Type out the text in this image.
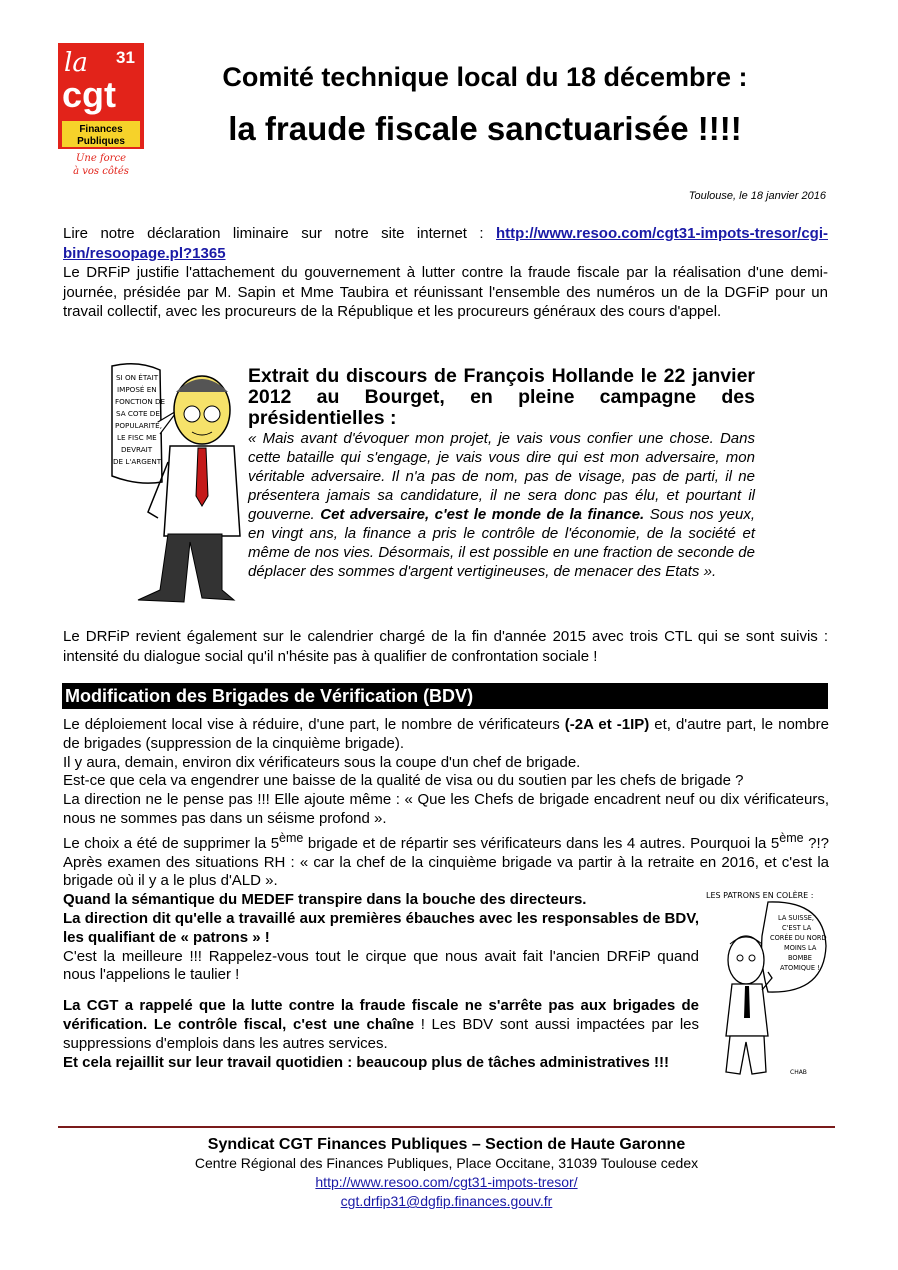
la 31
cgt
Finances
Publiques
Une force
à vos côtés
Comité technique local du 18 décembre :
la fraude fiscale sanctuarisée !!!!
Toulouse, le 18 janvier 2016

Lire notre déclaration liminaire sur notre site internet : http://www.resoo.com/cgt31-impots-tresor/cgi-bin/resoopage.pl?1365

Le DRFiP justifie l'attachement du gouvernement à lutter contre la fraude fiscale par la réalisation d'une demi-journée, présidée par M. Sapin et Mme Taubira et réunissant l'ensemble des numéros un de la DGFiP pour un travail collectif, avec les procureurs de la République et les procureurs généraux des cours d'appel.

SI ON ÉTAIT IMPOSÉ EN FONCTION DE SA COTE DE POPULARITÉ, LE FISC ME DEVRAIT DE L'ARGENT
Extrait du discours de François Hollande le 22 janvier 2012 au Bourget, en pleine campagne des présidentielles :
« Mais avant d'évoquer mon projet, je vais vous confier une chose. Dans cette bataille qui s'engage, je vais vous dire qui est mon adversaire, mon véritable adversaire. Il n'a pas de nom, pas de visage, pas de parti, il ne présentera jamais sa candidature, il ne sera donc pas élu, et pourtant il gouverne. Cet adversaire, c'est le monde de la finance. Sous nos yeux, en vingt ans, la finance a pris le contrôle de l'économie, de la société et même de nos vies. Désormais, il est possible en une fraction de seconde de déplacer des sommes d'argent vertigineuses, de menacer des Etats ».
Le DRFiP revient également sur le calendrier chargé de la fin d'année 2015 avec trois CTL qui se sont suivis : intensité du dialogue social qu'il n'hésite pas à qualifier de confrontation sociale !
Modification des Brigades de Vérification (BDV)

Le déploiement local vise à réduire, d'une part, le nombre de vérificateurs (-2A et -1IP) et, d'autre part, le nombre de brigades (suppression de la cinquième brigade).

Il y aura, demain, environ dix vérificateurs sous la coupe d'un chef de brigade.

Est-ce que cela va engendrer une baisse de la qualité de visa ou du soutien par les chefs de brigade ?

La direction ne le pense pas !!! Elle ajoute même : « Que les Chefs de brigade encadrent neuf ou dix vérificateurs, nous ne sommes pas dans un séisme profond ».

Le choix a été de supprimer la 5ème brigade et de répartir ses vérificateurs dans les 4 autres. Pourquoi la 5ème ?!? Après examen des situations RH : « car la chef de la cinquième brigade va partir à la retraite en 2016, et c'est la brigade où il y a le plus d'ALD ».

Quand la sémantique du MEDEF transpire dans la bouche des directeurs.

La direction dit qu'elle a travaillé aux premières ébauches avec les responsables de BDV, les qualifiant de « patrons » !

C'est la meilleure !!! Rappelez-vous tout le cirque que nous avait fait l'ancien DRFiP quand nous l'appelions le taulier !

La CGT a rappelé que la lutte contre la fraude fiscale ne s'arrête pas aux brigades de vérification. Le contrôle fiscal, c'est une chaîne ! Les BDV sont aussi impactées par les suppressions d'emplois dans les autres services.

Et cela rejaillit sur leur travail quotidien : beaucoup plus de tâches administratives !!!

LES PATRONS EN COLÈRE :
LA SUISSE, C'EST LA CORÉE DU NORD MOINS LA BOMBE ATOMIQUE !
CHAB
Syndicat CGT Finances Publiques – Section de Haute Garonne
Centre Régional des Finances Publiques, Place Occitane, 31039 Toulouse cedex
http://www.resoo.com/cgt31-impots-tresor/
cgt.drfip31@dgfip.finances.gouv.fr
